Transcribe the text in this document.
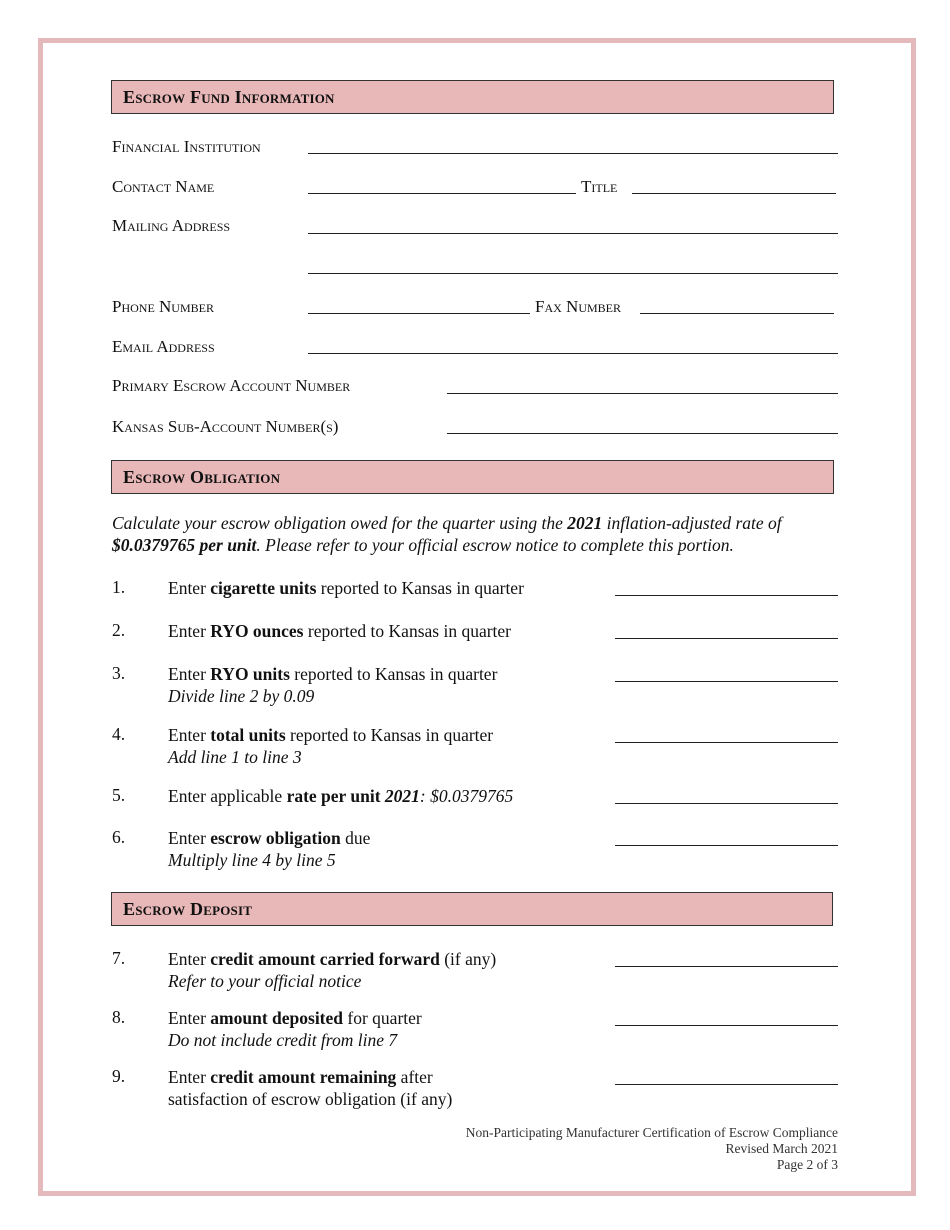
Escrow Fund Information
Financial Institution
Contact Name	Title
Mailing Address
Phone Number	Fax Number
Email Address
Primary Escrow Account Number
Kansas Sub-Account Number(s)
Escrow Obligation
Calculate your escrow obligation owed for the quarter using the 2021 inflation-adjusted rate of $0.0379765 per unit. Please refer to your official escrow notice to complete this portion.
1. Enter cigarette units reported to Kansas in quarter
2. Enter RYO ounces reported to Kansas in quarter
3. Enter RYO units reported to Kansas in quarter
Divide line 2 by 0.09
4. Enter total units reported to Kansas in quarter
Add line 1 to line 3
5. Enter applicable rate per unit 2021: $0.0379765
6. Enter escrow obligation due
Multiply line 4 by line 5
Escrow Deposit
7. Enter credit amount carried forward (if any)
Refer to your official notice
8. Enter amount deposited for quarter
Do not include credit from line 7
9. Enter credit amount remaining after
satisfaction of escrow obligation (if any)
Non-Participating Manufacturer Certification of Escrow Compliance
Revised March 2021
Page 2 of 3
